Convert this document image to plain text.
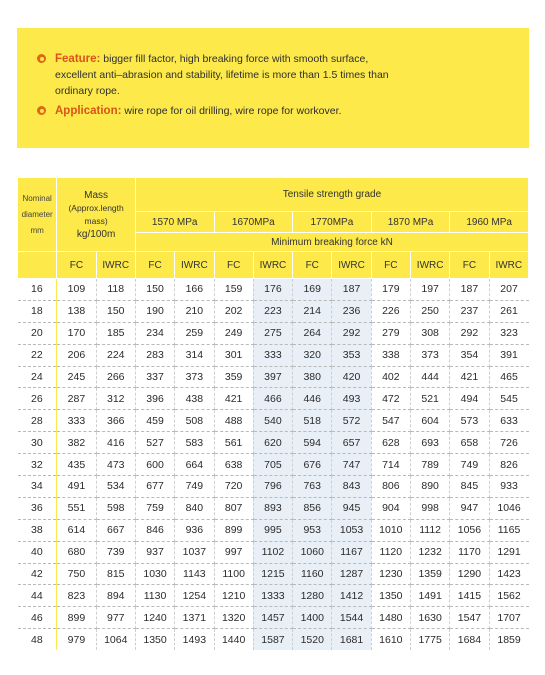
Feature: bigger fill factor, high breaking force with smooth surface,
excellent anti–abrasion and stability, lifetime is more than 1.5 times than
ordinary rope.
Application: wire rope for oil drilling, wire rope for workover.
Nominal
diameter
mm	Mass
(Approx.length mass)
kg/100m		Tensile strength grade									
			1570 MPa		1670MPa		1770MPa		1870 MPa		1960 MPa	
			Minimum breaking force kN									
	FC	IWRC	FC	IWRC	FC	IWRC	FC	IWRC	FC	IWRC	FC	IWRC
16	109	118	150	166	159	176	169	187	179	197	187	207
18	138	150	190	210	202	223	214	236	226	250	237	261
20	170	185	234	259	249	275	264	292	279	308	292	323
22	206	224	283	314	301	333	320	353	338	373	354	391
24	245	266	337	373	359	397	380	420	402	444	421	465
26	287	312	396	438	421	466	446	493	472	521	494	545
28	333	366	459	508	488	540	518	572	547	604	573	633
30	382	416	527	583	561	620	594	657	628	693	658	726
32	435	473	600	664	638	705	676	747	714	789	749	826
34	491	534	677	749	720	796	763	843	806	890	845	933
36	551	598	759	840	807	893	856	945	904	998	947	1046
38	614	667	846	936	899	995	953	1053	1010	1112	1056	1165
40	680	739	937	1037	997	1102	1060	1167	1120	1232	1170	1291
42	750	815	1030	1143	1100	1215	1160	1287	1230	1359	1290	1423
44	823	894	1130	1254	1210	1333	1280	1412	1350	1491	1415	1562
46	899	977	1240	1371	1320	1457	1400	1544	1480	1630	1547	1707
48	979	1064	1350	1493	1440	1587	1520	1681	1610	1775	1684	1859
